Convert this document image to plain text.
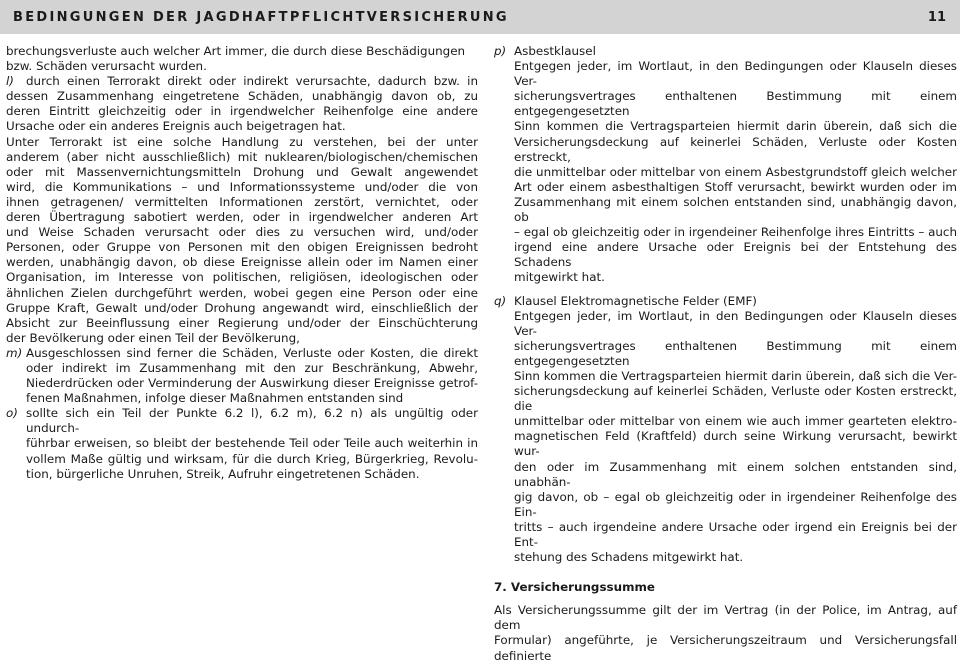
BEDINGUNGEN DER JAGDHAFTPFLICHTVERSICHERUNG	11

brechungsverluste auch welcher Art immer, die durch diese Beschädigungen
bzw. Schäden verursacht wurden.

l) durch einen Terrorakt direkt oder indirekt verursachte, dadurch bzw. in

dessen Zusammenhang eingetretene Schäden, unabhängig davon ob, zu
deren Eintritt gleichzeitig oder in irgendwelcher Reihenfolge eine andere
Ursache oder ein anderes Ereignis auch beigetragen hat.
Unter Terrorakt ist eine solche Handlung zu verstehen, bei der unter
anderem (aber nicht ausschließlich) mit nuklearen/biologischen/chemischen
oder mit Massenvernichtungsmitteln Drohung und Gewalt angewendet
wird, die Kommunikations – und Informationssysteme und/oder die von
ihnen getragenen/ vermittelten Informationen zerstört, vernichtet, oder
deren Übertragung sabotiert werden, oder in irgendwelcher anderen Art
und Weise Schaden verursacht oder dies zu versuchen wird, und/oder
Personen, oder Gruppe von Personen mit den obigen Ereignissen bedroht
werden, unabhängig davon, ob diese Ereignisse allein oder im Namen einer
Organisation, im Interesse von politischen, religiösen, ideologischen oder
ähnlichen Zielen durchgeführt werden, wobei gegen eine Person oder eine
Gruppe Kraft, Gewalt und/oder Drohung angewandt wird, einschließlich der
Absicht zur Beeinflussung einer Regierung und/oder der Einschüchterung
der Bevölkerung oder einen Teil der Bevölkerung,

m) Ausgeschlossen sind ferner die Schäden, Verluste oder Kosten, die direkt
oder indirekt im Zusammenhang mit den zur Beschränkung, Abwehr,
Niederdrücken oder Verminderung der Auswirkung dieser Ereignisse getrof-
fenen Maßnahmen, infolge dieser Maßnahmen entstanden sind
o) sollte sich ein Teil der Punkte 6.2 l), 6.2 m), 6.2 n) als ungültig oder undurch-
führbar erweisen, so bleibt der bestehende Teil oder Teile auch weiterhin in
vollem Maße gültig und wirksam, für die durch Krieg, Bürgerkrieg, Revolu-
tion, bürgerliche Unruhen, Streik, Aufruhr eingetretenen Schäden.
p) Asbestklausel
Entgegen jeder, im Wortlaut, in den Bedingungen oder Klauseln dieses Ver-
sicherungsvertrages enthaltenen Bestimmung mit einem entgegengesetzten
Sinn kommen die Vertragsparteien hiermit darin überein, daß sich die
Versicherungsdeckung auf keinerlei Schäden, Verluste oder Kosten erstreckt,
die unmittelbar oder mittelbar von einem Asbestgrundstoff gleich welcher
Art oder einem asbesthaltigen Stoff verursacht, bewirkt wurden oder im
Zusammenhang mit einem solchen entstanden sind, unabhängig davon, ob
– egal ob gleichzeitig oder in irgendeiner Reihenfolge ihres Eintritts – auch
irgend eine andere Ursache oder Ereignis bei der Entstehung des Schadens
mitgewirkt hat.
q) Klausel Elektromagnetische Felder (EMF)
Entgegen jeder, im Wortlaut, in den Bedingungen oder Klauseln dieses Ver-
sicherungsvertrages enthaltenen Bestimmung mit einem entgegengesetzten
Sinn kommen die Vertragsparteien hiermit darin überein, daß sich die Ver-
sicherungsdeckung auf keinerlei Schäden, Verluste oder Kosten erstreckt, die
unmittelbar oder mittelbar von einem wie auch immer gearteten elektro-
magnetischen Feld (Kraftfeld) durch seine Wirkung verursacht, bewirkt wur-
den oder im Zusammenhang mit einem solchen entstanden sind, unabhän-
gig davon, ob – egal ob gleichzeitig oder in irgendeiner Reihenfolge des Ein-
tritts – auch irgendeine andere Ursache oder irgend ein Ereignis bei der Ent-
stehung des Schadens mitgewirkt hat.

7. Versicherungssumme

Als Versicherungssumme gilt der im Vertrag (in der Police, im Antrag, auf dem
Formular) angeführte, je Versicherungszeitraum und Versicherungsfall definierte
